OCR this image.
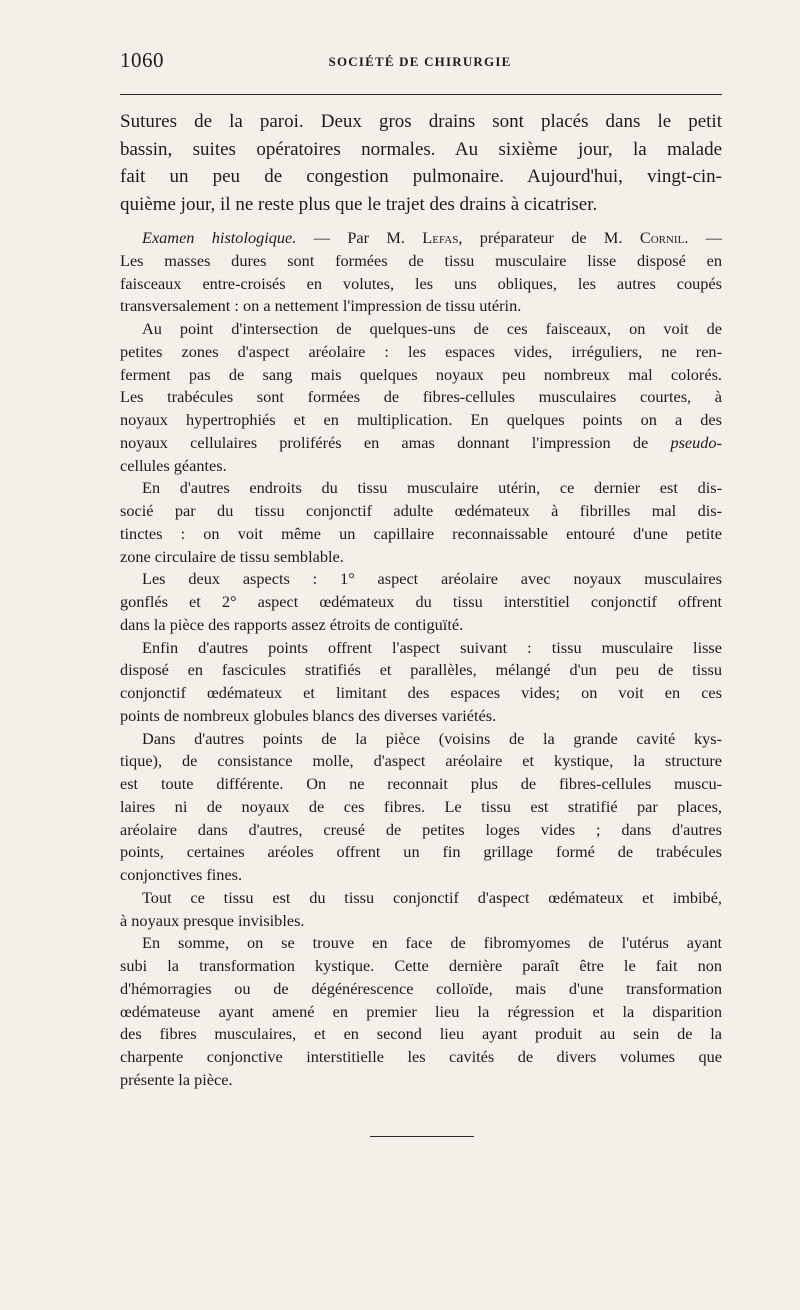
1060	SOCIÉTÉ DE CHIRURGIE
Sutures de la paroi. Deux gros drains sont placés dans le petit
bassin, suites opératoires normales. Au sixième jour, la malade
fait un peu de congestion pulmonaire. Aujourd'hui, vingt-cin-
quième jour, il ne reste plus que le trajet des drains à cicatriser.

Examen histologique. — Par M. Lefas, préparateur de M. Cornil. —
Les masses dures sont formées de tissu musculaire lisse disposé en
faisceaux entre-croisés en volutes, les uns obliques, les autres coupés
transversalement : on a nettement l'impression de tissu utérin.

Au point d'intersection de quelques-uns de ces faisceaux, on voit de
petites zones d'aspect aréolaire : les espaces vides, irréguliers, ne ren-
ferment pas de sang mais quelques noyaux peu nombreux mal colorés.
Les trabécules sont formées de fibres-cellules musculaires courtes, à
noyaux hypertrophiés et en multiplication. En quelques points on a des
noyaux cellulaires proliférés en amas donnant l'impression de pseudo-
cellules géantes.

En d'autres endroits du tissu musculaire utérin, ce dernier est dis-
socié par du tissu conjonctif adulte œdémateux à fibrilles mal dis-
tinctes : on voit même un capillaire reconnaissable entouré d'une petite
zone circulaire de tissu semblable.

Les deux aspects : 1° aspect aréolaire avec noyaux musculaires
gonflés et 2° aspect œdémateux du tissu interstitiel conjonctif offrent
dans la pièce des rapports assez étroits de contiguïté.

Enfin d'autres points offrent l'aspect suivant : tissu musculaire lisse
disposé en fascicules stratifiés et parallèles, mélangé d'un peu de tissu
conjonctif œdémateux et limitant des espaces vides; on voit en ces
points de nombreux globules blancs des diverses variétés.

Dans d'autres points de la pièce (voisins de la grande cavité kys-
tique), de consistance molle, d'aspect aréolaire et kystique, la structure
est toute différente. On ne reconnait plus de fibres-cellules muscu-
laires ni de noyaux de ces fibres. Le tissu est stratifié par places,
aréolaire dans d'autres, creusé de petites loges vides ; dans d'autres
points, certaines aréoles offrent un fin grillage formé de trabécules
conjonctives fines.

Tout ce tissu est du tissu conjonctif d'aspect œdémateux et imbibé,
à noyaux presque invisibles.

En somme, on se trouve en face de fibromyomes de l'utérus ayant
subi la transformation kystique. Cette dernière paraît être le fait non
d'hémorragies ou de dégénérescence colloïde, mais d'une transformation
œdémateuse ayant amené en premier lieu la régression et la disparition
des fibres musculaires, et en second lieu ayant produit au sein de la
charpente conjonctive interstitielle les cavités de divers volumes que
présente la pièce.
